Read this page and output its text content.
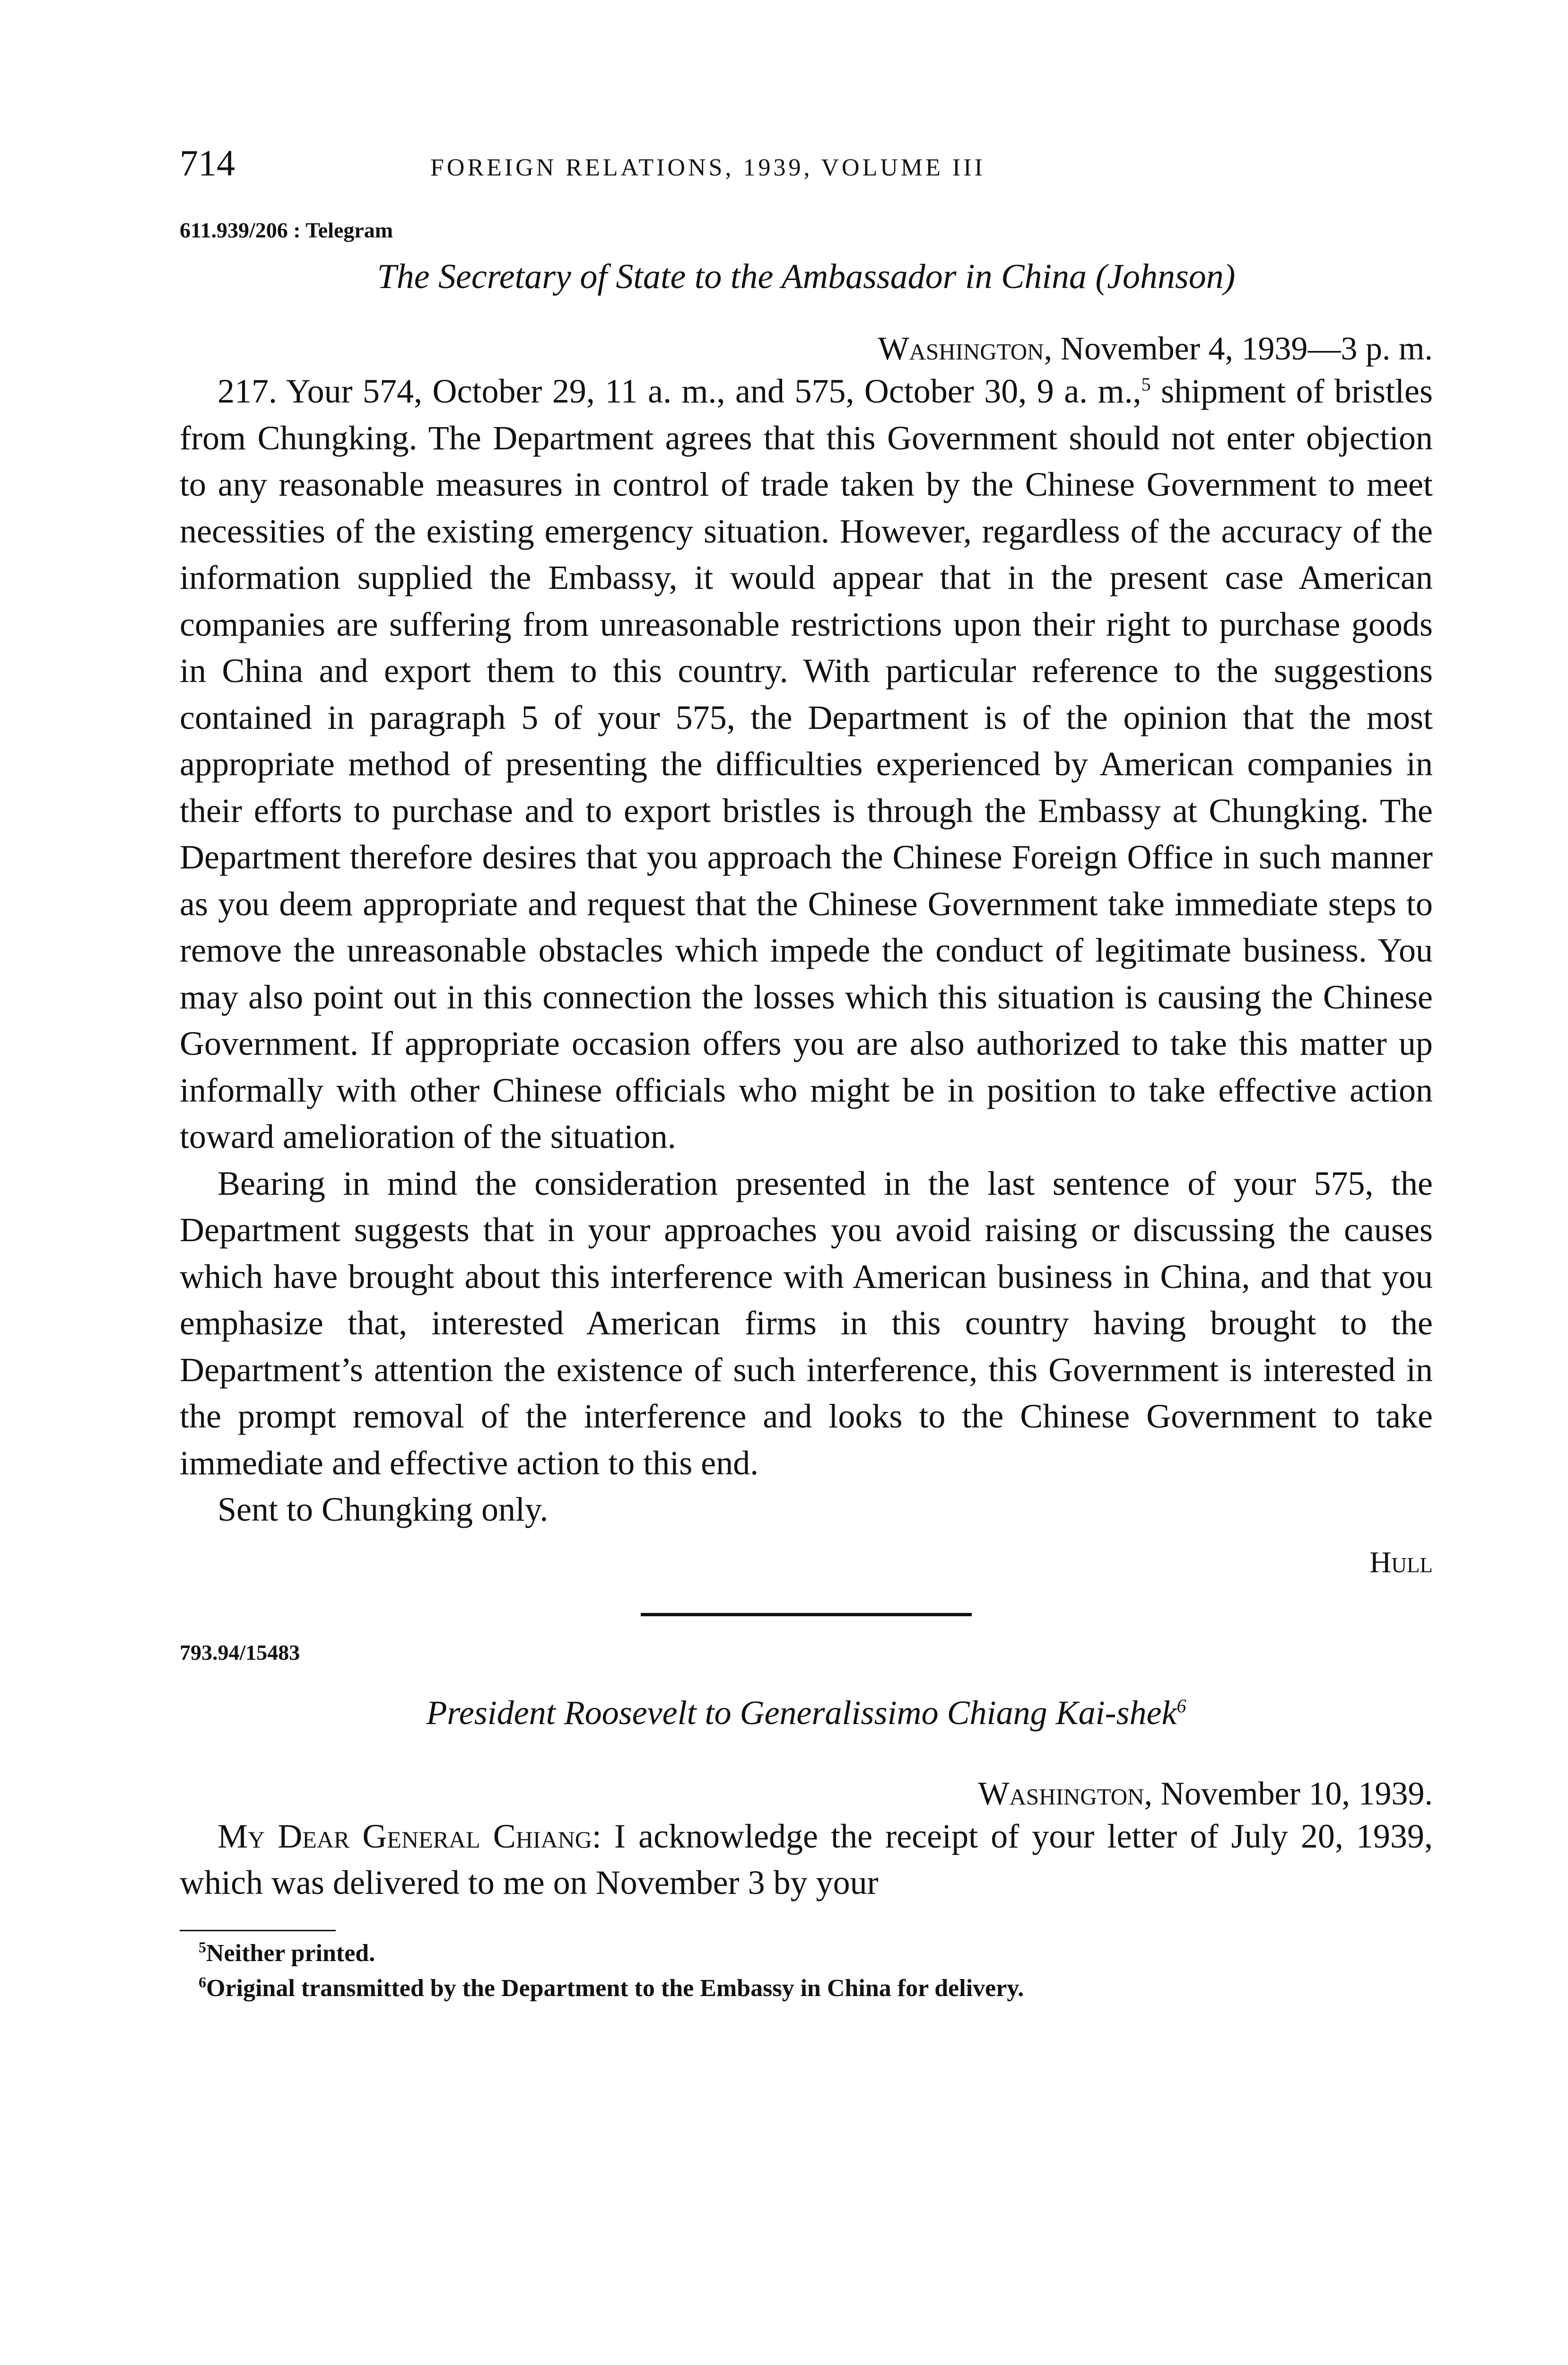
714	FOREIGN RELATIONS, 1939, VOLUME III
611.939/206 : Telegram
The Secretary of State to the Ambassador in China (Johnson)
Washington, November 4, 1939—3 p. m.

217. Your 574, October 29, 11 a. m., and 575, October 30, 9 a. m.,$^5$ shipment of bristles from Chungking. The Department agrees that this Government should not enter objection to any reasonable measures in control of trade taken by the Chinese Government to meet necessities of the existing emergency situation. However, regardless of the accuracy of the information supplied the Embassy, it would appear that in the present case American companies are suffering from unreasonable restrictions upon their right to purchase goods in China and export them to this country. With particular reference to the suggestions contained in paragraph 5 of your 575, the Department is of the opinion that the most appropriate method of presenting the difficulties experienced by American companies in their efforts to purchase and to export bristles is through the Embassy at Chungking. The Department therefore desires that you approach the Chinese Foreign Office in such manner as you deem appropriate and request that the Chinese Government take immediate steps to remove the unreasonable obstacles which impede the conduct of legitimate business. You may also point out in this connection the losses which this situation is causing the Chinese Government. If appropriate occasion offers you are also authorized to take this matter up informally with other Chinese officials who might be in position to take effective action toward amelioration of the situation.

Bearing in mind the consideration presented in the last sentence of your 575, the Department suggests that in your approaches you avoid raising or discussing the causes which have brought about this interference with American business in China, and that you emphasize that, interested American firms in this country having brought to the Department’s attention the existence of such interference, this Government is interested in the prompt removal of the interference and looks to the Chinese Government to take immediate and effective action to this end.

Sent to Chungking only.

Hull
793.94/15483
President Roosevelt to Generalissimo Chiang Kai-shek$^6$
Washington, November 10, 1939.

My Dear General Chiang: I acknowledge the receipt of your letter of July 20, 1939, which was delivered to me on November 3 by your

$^5$Neither printed.
$^6$Original transmitted by the Department to the Embassy in China for delivery.
